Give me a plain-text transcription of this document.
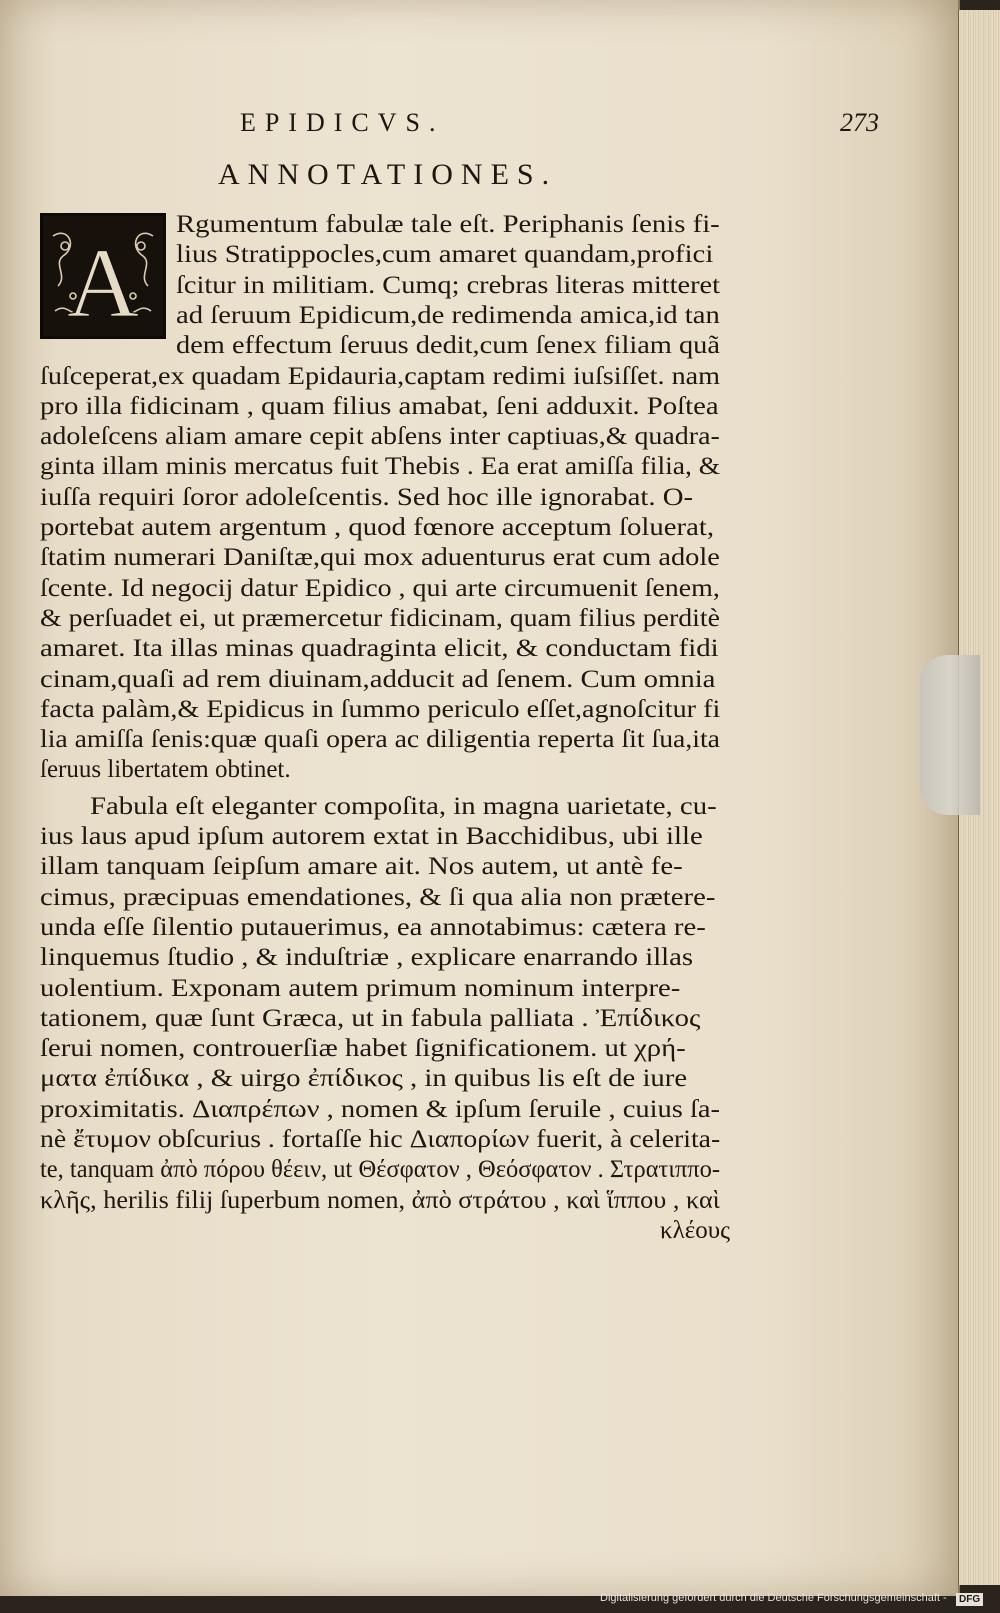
EPIDICVS.	273
ANNOTATIONES.
A
Rgumentum fabulæ tale eſt. Periphanis ſenis fi-
lius Stratippocles,cum amaret quandam,profici
ſcitur in militiam. Cumq; crebras literas mitteret
ad ſeruum Epidicum,de redimenda amica,id tan
dem effectum ſeruus dedit,cum ſenex filiam quã
ſuſceperat,ex quadam Epidauria,captam redimi iuſsiſſet. nam
pro illa fidicinam , quam filius amabat, ſeni adduxit. Poſtea
adoleſcens aliam amare cepit abſens inter captiuas,& quadra-
ginta illam minis mercatus fuit Thebis . Ea erat amiſſa filia, &
iuſſa requiri ſoror adoleſcentis. Sed hoc ille ignorabat. O-
portebat autem argentum , quod fœnore acceptum ſoluerat,
ſtatim numerari Daniſtæ,qui mox aduenturus erat cum adole
ſcente. Id negocij datur Epidico , qui arte circumuenit ſenem,
& perſuadet ei, ut præmercetur fidicinam, quam filius perditè
amaret. Ita illas minas quadraginta elicit, & conductam fidi
cinam,quaſi ad rem diuinam,adducit ad ſenem. Cum omnia
facta palàm,& Epidicus in ſummo periculo eſſet,agnoſcitur fi
lia amiſſa ſenis:quæ quaſi opera ac diligentia reperta ſit ſua,ita
ſeruus libertatem obtinet.
Fabula eſt eleganter compoſita, in magna uarietate, cu-
ius laus apud ipſum autorem extat in Bacchidibus, ubi ille
illam tanquam ſeipſum amare ait. Nos autem, ut antè fe-
cimus, præcipuas emendationes, & ſi qua alia non prætere-
unda eſſe ſilentio putauerimus, ea annotabimus: cætera re-
linquemus ſtudio , & induſtriæ , explicare enarrando illas
uolentium. Exponam autem primum nominum interpre-
tationem, quæ ſunt Græca, ut in fabula palliata . Ἐπίδικος
ſerui nomen, controuerſiæ habet ſignificationem. ut χρή-
ματα ἐπίδικα , & uirgo ἐπίδικος , in quibus lis eſt de iure
proximitatis. Διαπρέπων , nomen & ipſum ſeruile , cuius ſa-
nè ἔτυμον obſcurius . fortaſſe hic Διαπορίων fuerit, à celerita-
te, tanquam ἀπὸ πόρου θέειν, ut Θέσφατον , Θεόσφατον . Στρατιππο-
κλῆς, herilis filij ſuperbum nomen, ἀπὸ στράτου , καὶ ἵππου , καὶ
κλέους
Digitalisierung gefördert durch die Deutsche Forschungsgemeinschaft -	DFG
